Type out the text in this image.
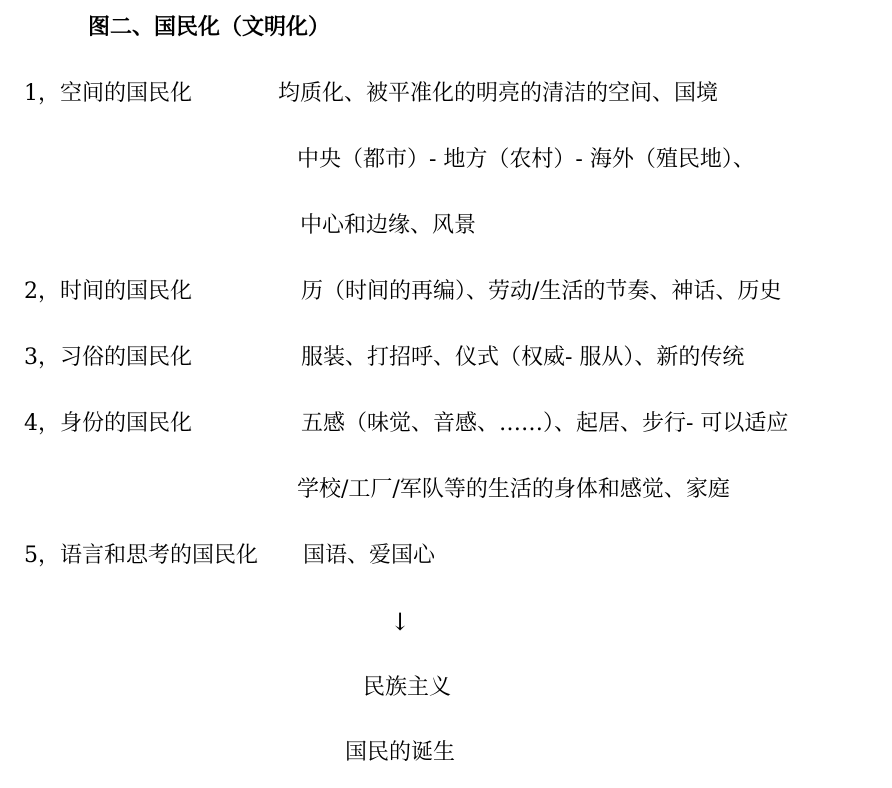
图二、国民化（文明化）
1，空间的国民化	均质化、被平准化的明亮的清洁的空间、国境
中央（都市）- 地方（农村）- 海外（殖民地）、
中心和边缘、风景
2，时间的国民化	历（时间的再编）、劳动/生活的节奏、神话、历史
3，习俗的国民化	服装、打招呼、仪式（权威- 服从）、新的传统
4，身份的国民化	五感（味觉、音感、……）、起居、步行- 可以适应
学校/工厂/军队等的生活的身体和感觉、家庭
5，语言和思考的国民化 国语、爱国心
↓
民族主义
国民的诞生
